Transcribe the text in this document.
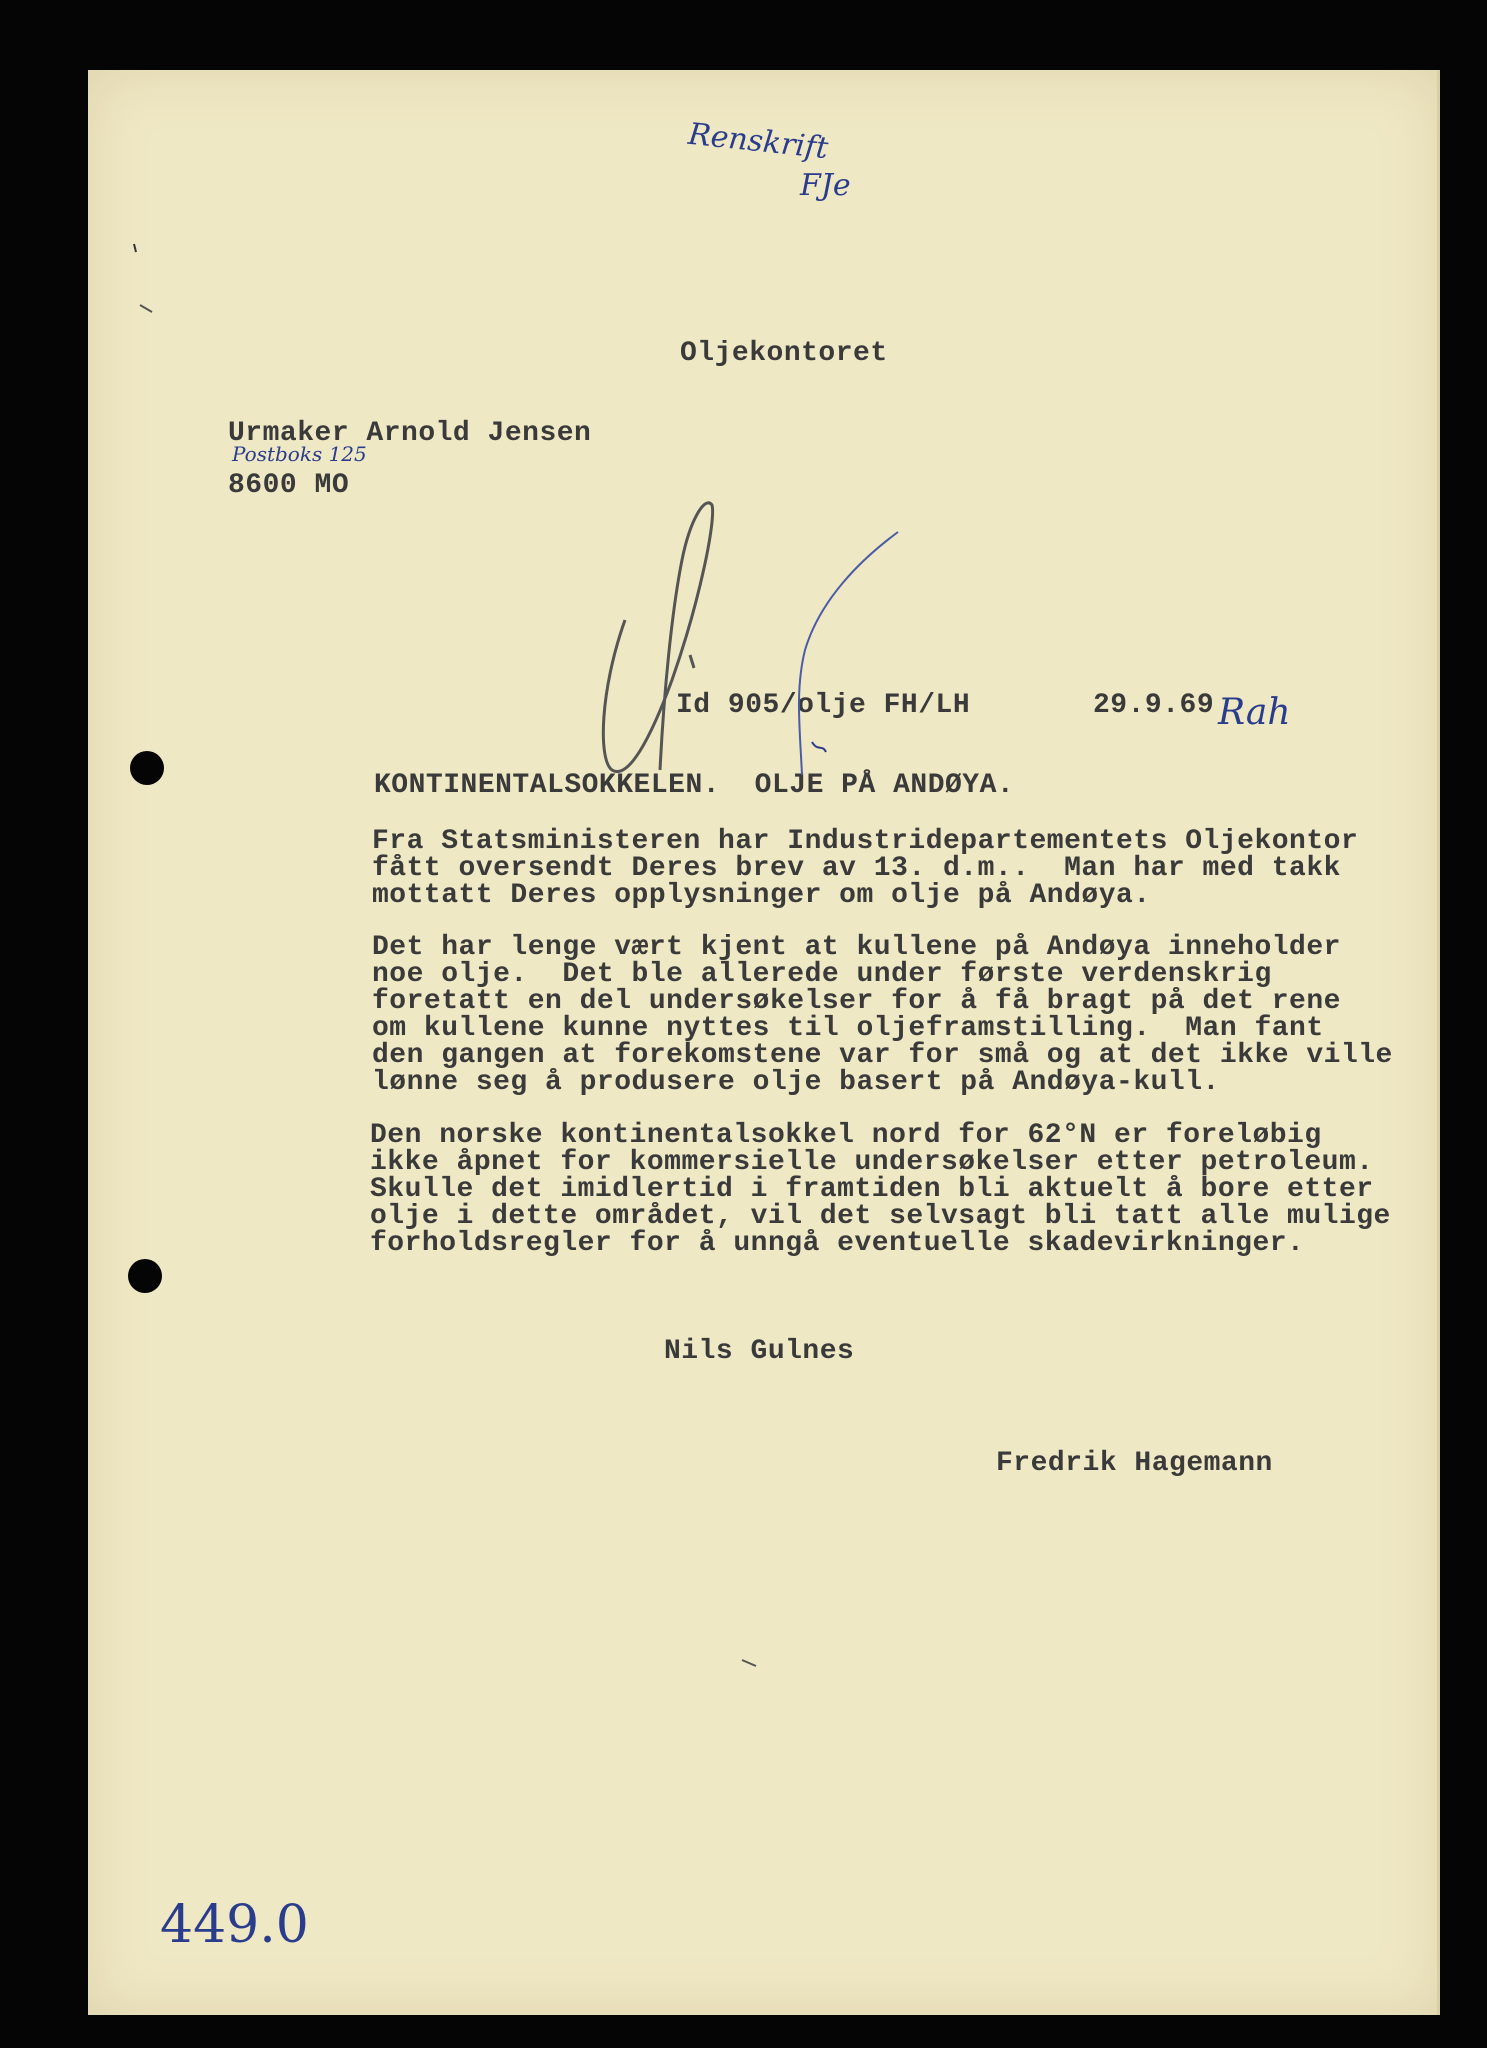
Renskrift
FJe
Oljekontoret
Urmaker Arnold Jensen
Postboks 125
8600 MO
Id 905/olje FH/LH	29.9.69 Rah
KONTINENTALSOKKELEN.  OLJE PÅ ANDØYA.
Fra Statsministeren har Industridepartementets Oljekontor
fått oversendt Deres brev av 13. d.m..  Man har med takk
mottatt Deres opplysninger om olje på Andøya.
Det har lenge vært kjent at kullene på Andøya inneholder
noe olje.  Det ble allerede under første verdenskrig
foretatt en del undersøkelser for å få bragt på det rene
om kullene kunne nyttes til oljeframstilling.  Man fant
den gangen at forekomstene var for små og at det ikke ville
lønne seg å produsere olje basert på Andøya-kull.
Den norske kontinentalsokkel nord for 62°N er foreløbig
ikke åpnet for kommersielle undersøkelser etter petroleum.
Skulle det imidlertid i framtiden bli aktuelt å bore etter
olje i dette området, vil det selvsagt bli tatt alle mulige
forholdsregler for å unngå eventuelle skadevirkninger.
Nils Gulnes
Fredrik Hagemann
449.0
